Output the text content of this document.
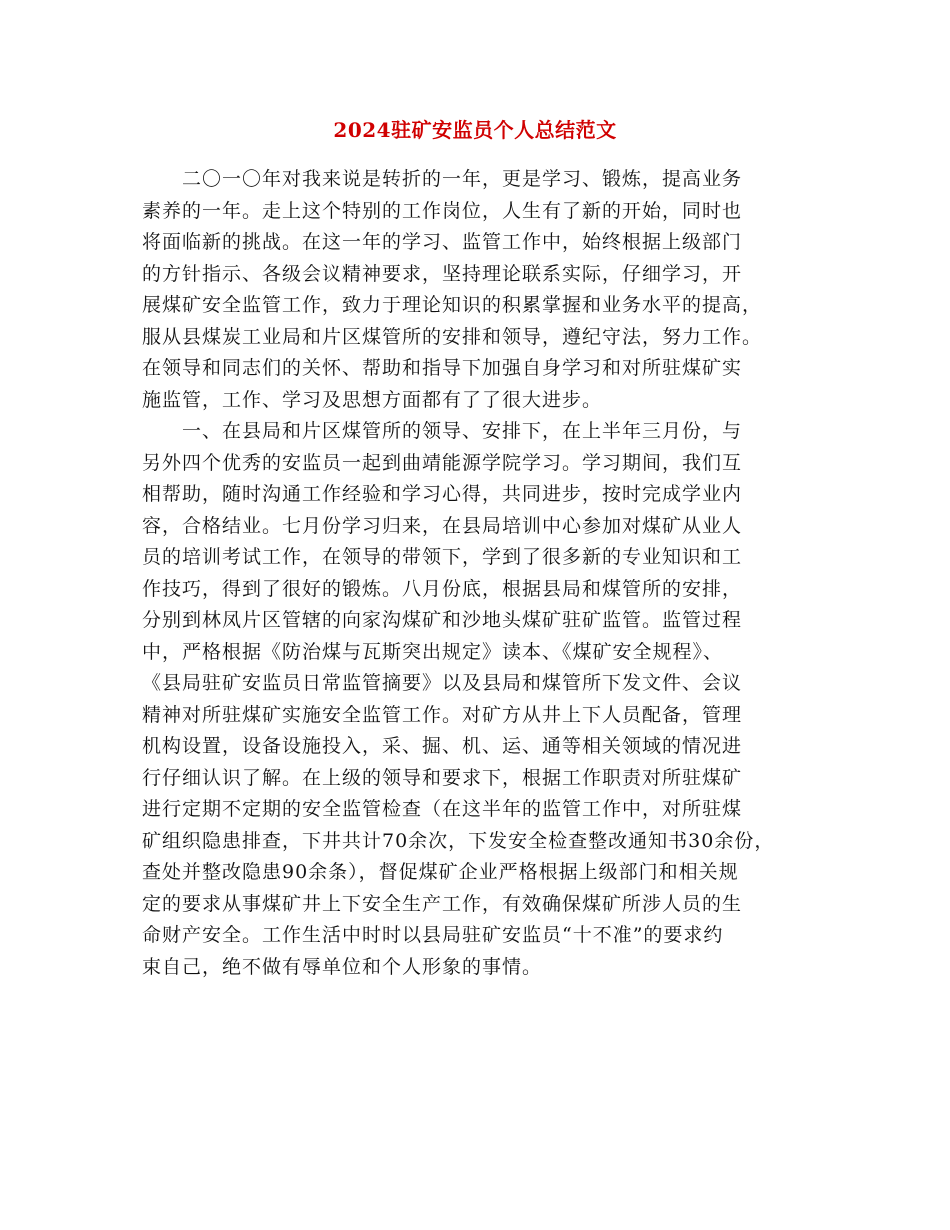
2024驻矿安监员个人总结范文
二〇一〇年对我来说是转折的一年，更是学习、锻炼，提高业务
素养的一年。走上这个特别的工作岗位，人生有了新的开始，同时也
将面临新的挑战。在这一年的学习、监管工作中，始终根据上级部门
的方针指示、各级会议精神要求，坚持理论联系实际，仔细学习，开
展煤矿安全监管工作，致力于理论知识的积累掌握和业务水平的提高，
服从县煤炭工业局和片区煤管所的安排和领导，遵纪守法，努力工作。
在领导和同志们的关怀、帮助和指导下加强自身学习和对所驻煤矿实
施监管，工作、学习及思想方面都有了了很大进步。
一、在县局和片区煤管所的领导、安排下，在上半年三月份，与
另外四个优秀的安监员一起到曲靖能源学院学习。学习期间，我们互
相帮助，随时沟通工作经验和学习心得，共同进步，按时完成学业内
容，合格结业。七月份学习归来，在县局培训中心参加对煤矿从业人
员的培训考试工作，在领导的带领下，学到了很多新的专业知识和工
作技巧，得到了很好的锻炼。八月份底，根据县局和煤管所的安排，
分别到林凤片区管辖的向家沟煤矿和沙地头煤矿驻矿监管。监管过程
中，严格根据《防治煤与瓦斯突出规定》读本、《煤矿安全规程》、
《县局驻矿安监员日常监管摘要》以及县局和煤管所下发文件、会议
精神对所驻煤矿实施安全监管工作。对矿方从井上下人员配备，管理
机构设置，设备设施投入，采、掘、机、运、通等相关领域的情况进
行仔细认识了解。在上级的领导和要求下，根据工作职责对所驻煤矿
进行定期不定期的安全监管检查（在这半年的监管工作中，对所驻煤
矿组织隐患排查，下井共计70余次，下发安全检查整改通知书30余份，
查处并整改隐患90余条），督促煤矿企业严格根据上级部门和相关规
定的要求从事煤矿井上下安全生产工作，有效确保煤矿所涉人员的生
命财产安全。工作生活中时时以县局驻矿安监员“十不准”的要求约
束自己，绝不做有辱单位和个人形象的事情。
